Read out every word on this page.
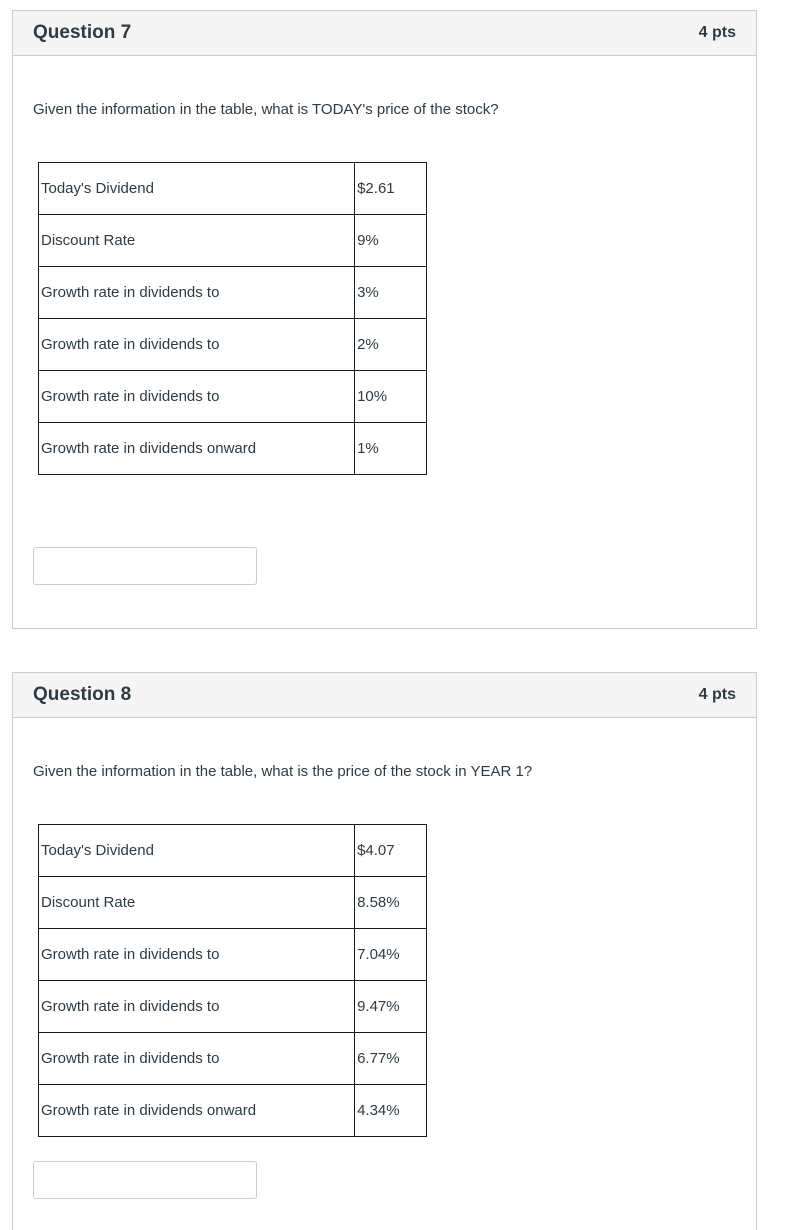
Question 7	4 pts
Given the information in the table, what is TODAY's price of the stock?
Today's Dividend	$2.61
Discount Rate	9%
Growth rate in dividends to	3%
Growth rate in dividends to	2%
Growth rate in dividends to	10%
Growth rate in dividends onward	1%
Question 8	4 pts
Given the information in the table, what is the price of the stock in YEAR 1?
Today's Dividend	$4.07
Discount Rate	8.58%
Growth rate in dividends to	7.04%
Growth rate in dividends to	9.47%
Growth rate in dividends to	6.77%
Growth rate in dividends onward	4.34%
